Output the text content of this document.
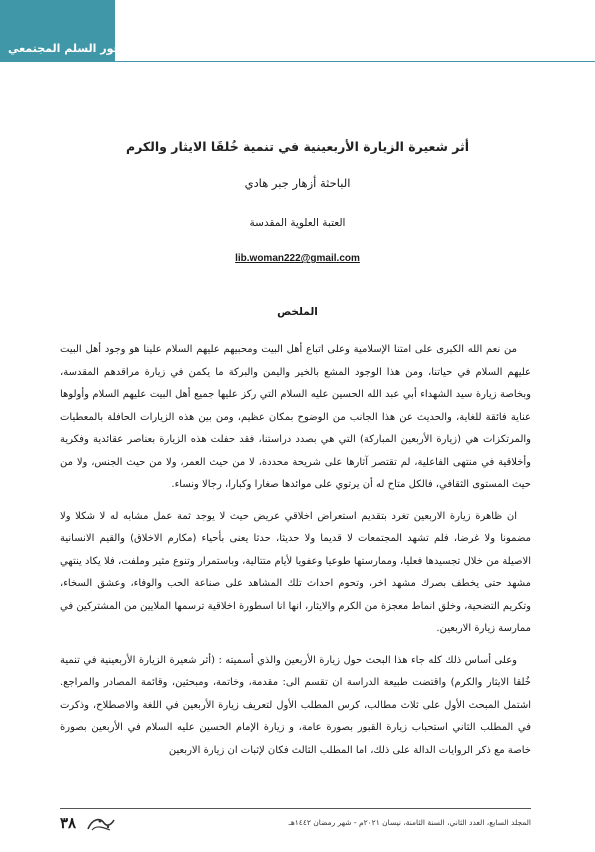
محور السلم المجتمعي
أثر شعيرة الزيارة الأربعينية في تنمية خُلقَا الايثار والكرم
الباحثة أزهار جبر هادي
العتبة العلوية المقدسة
lib.woman222@gmail.com
الملخص

من نعم الله الكبرى على امتنا الإسلامية وعلى اتباع أهل البيت ومحبيهم عليهم السلام علينا هو وجود أهل البيت عليهم السلام في حياتنا، ومن هذا الوجود المشع بالخير واليمن والبركة ما يكمن في زيارة مراقدهم المقدسة، وبخاصة زيارة سيد الشهداء أبي عبد الله الحسين عليه السلام التي ركز عليها جميع أهل البيت عليهم السلام وأولوها عناية فائقة للغاية، والحديث عن هذا الجانب من الوضوح بمكان عظيم، ومن بين هذه الزيارات الحافلة بالمعطيات والمرتكزات هي (زيارة الأربعين المباركة) التي هي بصدد دراستنا، فقد حفلت هذه الزيارة بعناصر عقائدية وفكرية وأخلاقية في منتهى الفاعلية، لم تقتصر آثارها على شريحة محددة، لا من حيث العمر، ولا من حيث الجنس، ولا من حيث المستوى الثقافي، فالكل متاح له أن يرتوي على موائدها صغارا وكبارا، رجالا ونساء.

ان ظاهرة زيارة الاربعين تغرد بتقديم استعراض اخلاقي عريض حيث لا يوجد ثمة عمل مشابه له لا شكلا ولا مضمونا ولا غرضا، فلم تشهد المجتمعات لا قديما ولا حديثا، حدثا يعنى بأحياء (مكارم الاخلاق) والقيم الانسانية الاصيلة من خلال تجسيدها فعليا، وممارستها طوعيا وعفويا لأيام متتالية، وباستمرار وتنوع مثير وملفت، فلا يكاد ينتهي مشهد حتى يخطف بصرك مشهد اخر، وتحوم احداث تلك المشاهد على صناعة الحب والوفاء، وعشق السخاء، وتكريم التضحية، وخلق انماط معجزة من الكرم والايثار، انها انا اسطورة اخلاقية ترسمها الملايين من المشتركين في ممارسة زيارة الاربعين.

وعلى أساس ذلك كله جاء هذا البحث حول زيارة الأربعين والذي أسميته : (أثر شعيرة الزيارة الأربعينية في تنمية خُلقا الايثار والكرم) واقتضت طبيعة الدراسة ان تقسم الى: مقدمة، وخاتمة، ومبحثين، وقائمة المصادر والمراجع. اشتمل المبحث الأول على ثلاث مطالب، كرس المطلب الأول لتعريف زيارة الأربعين في اللغة والاصطلاح، وذكرت في المطلب الثاني استحباب زيارة القبور بصورة عامة، و زيارة الإمام الحسين عليه السلام في الأربعين بصورة خاصة مع ذكر الروايات الدالة على ذلك، اما المطلب الثالث فكان لإثبات ان زيارة الاربعين

٣٨	المجلد السابع، العدد الثاني، السنة الثامنة، نيسان ٢٠٢١م - شهر رمضان ١٤٤٢هـ
